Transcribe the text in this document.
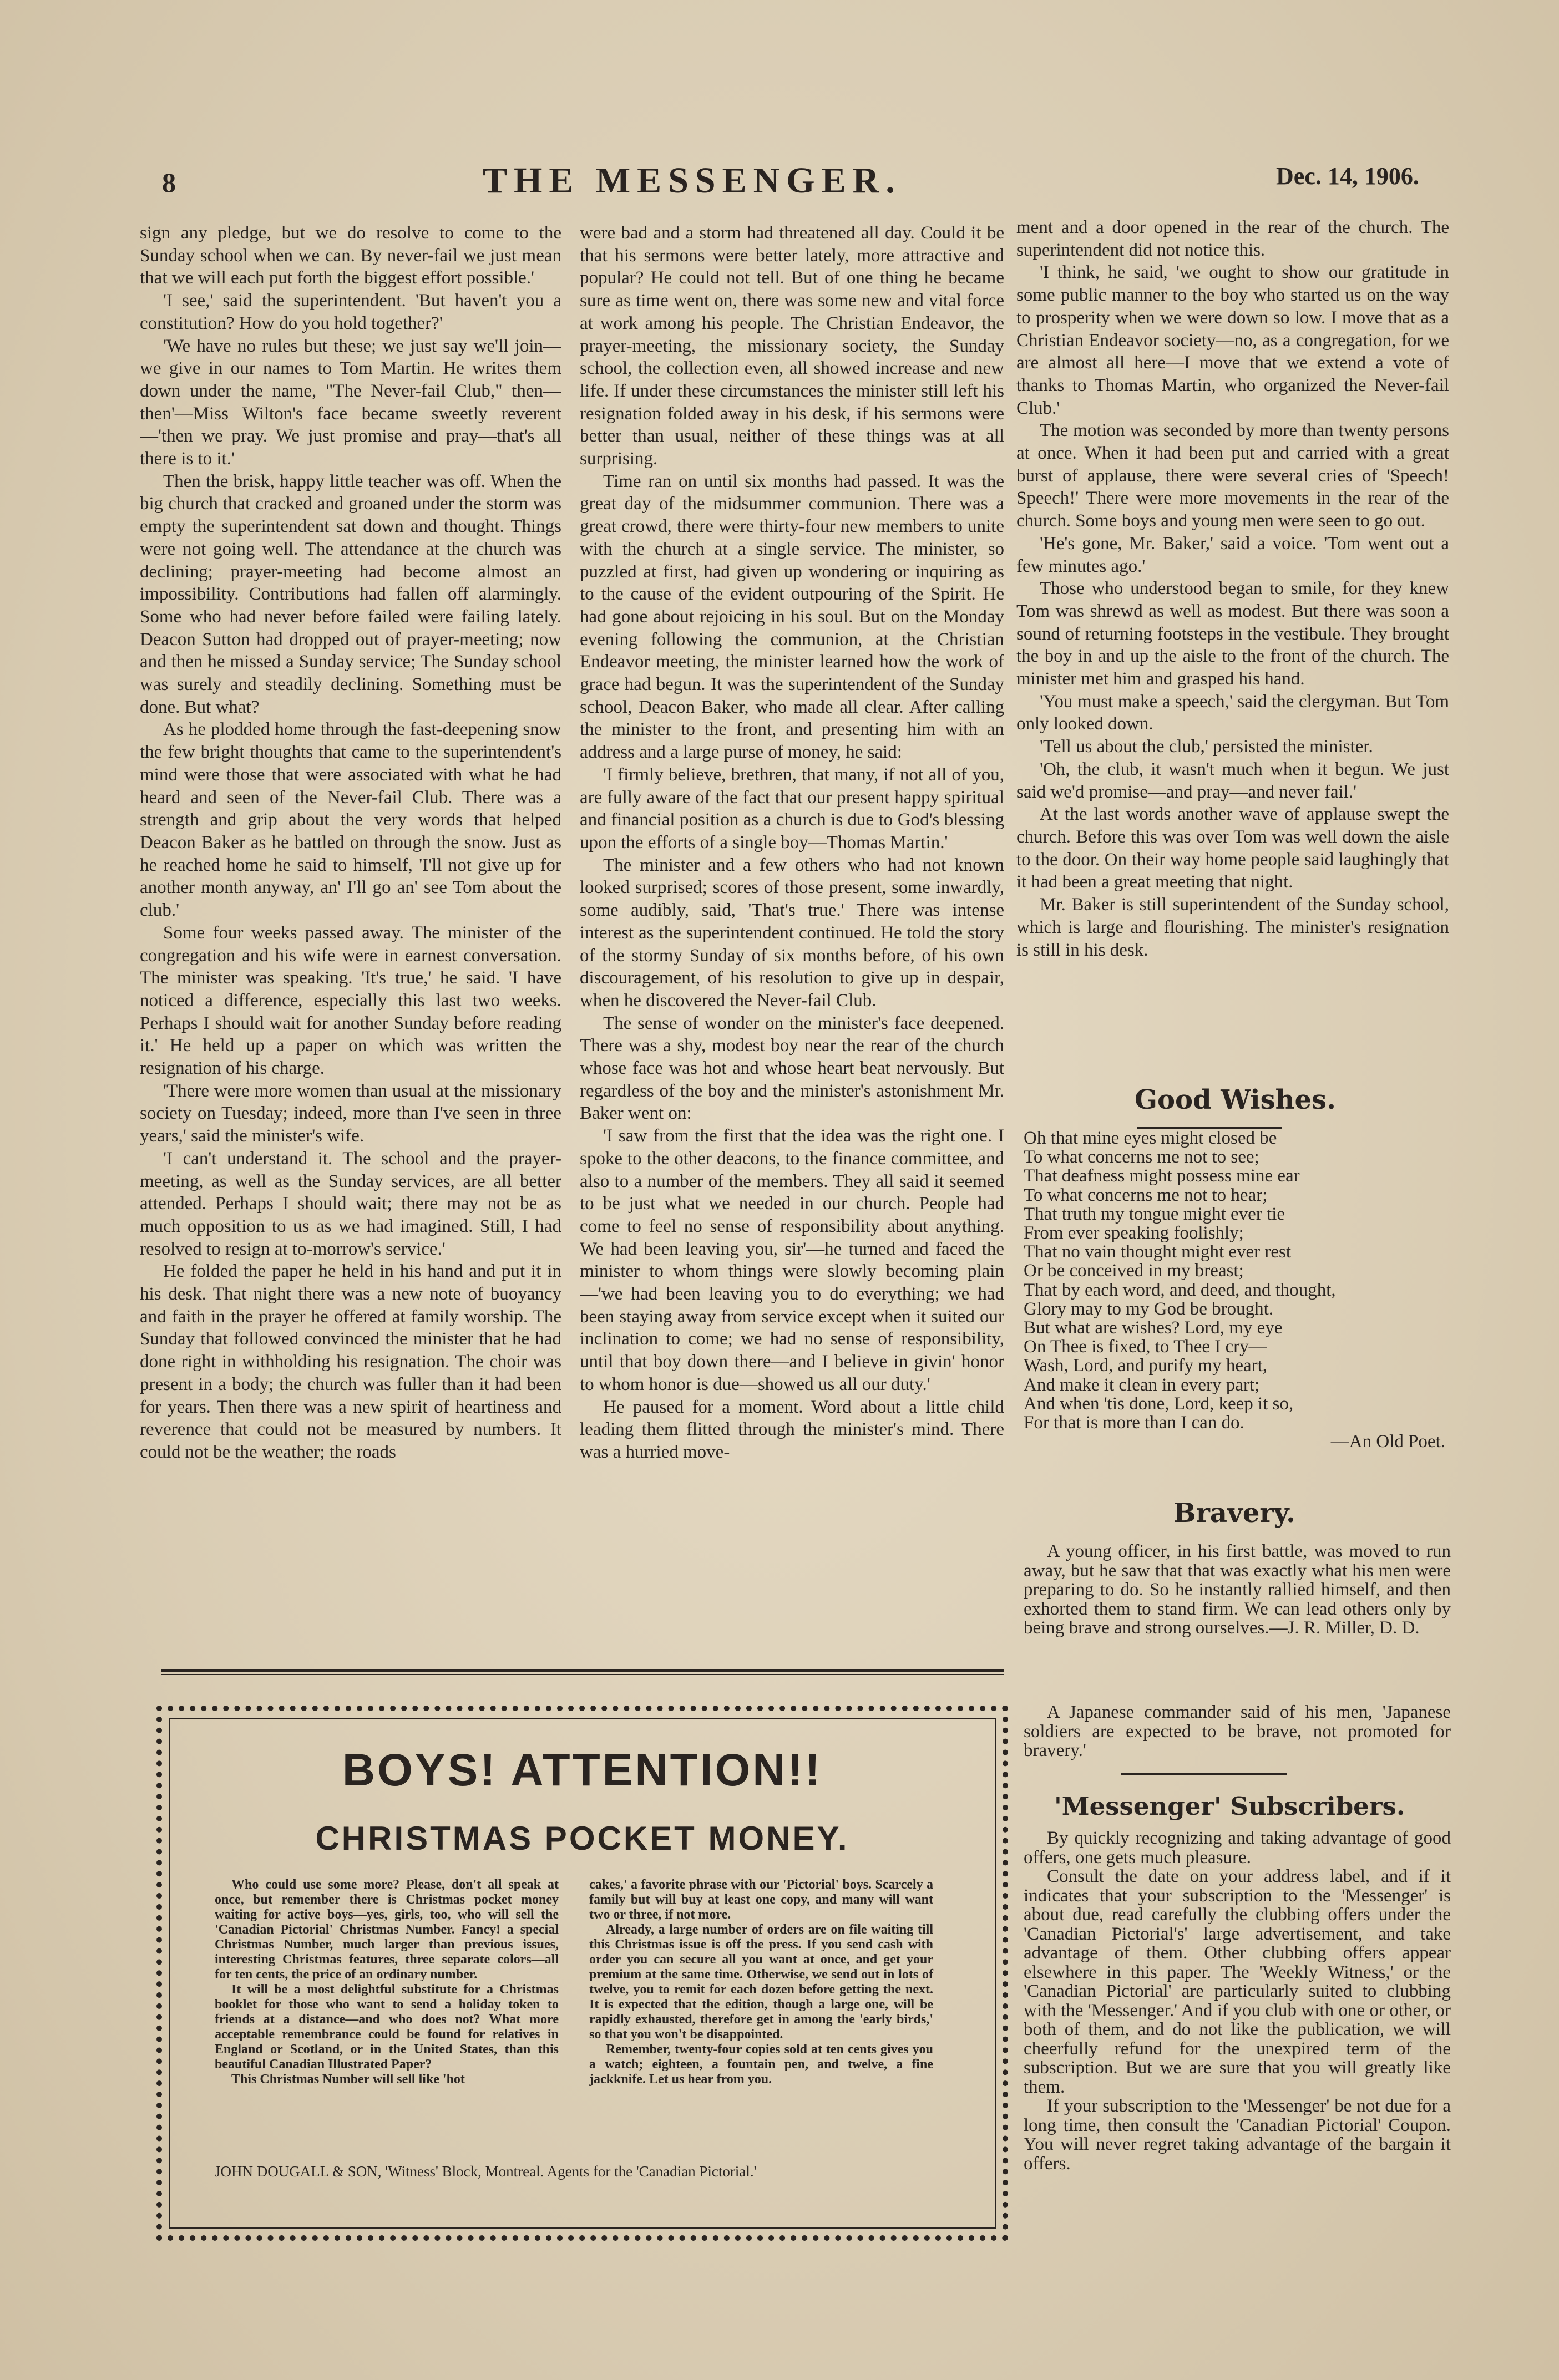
8	THE MESSENGER.	Dec. 14, 1906.

sign any pledge, but we do resolve to come to the Sunday school when we can. By never-fail we just mean that we will each put forth the biggest effort possible.'

'I see,' said the superintendent. 'But haven't you a constitution? How do you hold together?'

'We have no rules but these; we just say we'll join—we give in our names to Tom Martin. He writes them down under the name, "The Never-fail Club," then—then'—Miss Wilton's face became sweetly reverent—'then we pray. We just promise and pray—that's all there is to it.'

Then the brisk, happy little teacher was off. When the big church that cracked and groaned under the storm was empty the superintendent sat down and thought. Things were not going well. The attendance at the church was declining; prayer-meeting had become almost an impossibility. Contributions had fallen off alarmingly. Some who had never before failed were failing lately. Deacon Sutton had dropped out of prayer-meeting; now and then he missed a Sunday service; The Sunday school was surely and steadily declining. Something must be done. But what?

As he plodded home through the fast-deepening snow the few bright thoughts that came to the superintendent's mind were those that were associated with what he had heard and seen of the Never-fail Club. There was a strength and grip about the very words that helped Deacon Baker as he battled on through the snow. Just as he reached home he said to himself, 'I'll not give up for another month anyway, an' I'll go an' see Tom about the club.'

Some four weeks passed away. The minister of the congregation and his wife were in earnest conversation. The minister was speaking. 'It's true,' he said. 'I have noticed a difference, especially this last two weeks. Perhaps I should wait for another Sunday before reading it.' He held up a paper on which was written the resignation of his charge.

'There were more women than usual at the missionary society on Tuesday; indeed, more than I've seen in three years,' said the minister's wife.

'I can't understand it. The school and the prayer-meeting, as well as the Sunday services, are all better attended. Perhaps I should wait; there may not be as much opposition to us as we had imagined. Still, I had resolved to resign at to-morrow's service.'

He folded the paper he held in his hand and put it in his desk. That night there was a new note of buoyancy and faith in the prayer he offered at family worship. The Sunday that followed convinced the minister that he had done right in withholding his resignation. The choir was present in a body; the church was fuller than it had been for years. Then there was a new spirit of heartiness and reverence that could not be measured by numbers. It could not be the weather; the roads

were bad and a storm had threatened all day. Could it be that his sermons were better lately, more attractive and popular? He could not tell. But of one thing he became sure as time went on, there was some new and vital force at work among his people. The Christian Endeavor, the prayer-meeting, the missionary society, the Sunday school, the collection even, all showed increase and new life. If under these circumstances the minister still left his resignation folded away in his desk, if his sermons were better than usual, neither of these things was at all surprising.

Time ran on until six months had passed. It was the great day of the midsummer communion. There was a great crowd, there were thirty-four new members to unite with the church at a single service. The minister, so puzzled at first, had given up wondering or inquiring as to the cause of the evident outpouring of the Spirit. He had gone about rejoicing in his soul. But on the Monday evening following the communion, at the Christian Endeavor meeting, the minister learned how the work of grace had begun. It was the superintendent of the Sunday school, Deacon Baker, who made all clear. After calling the minister to the front, and presenting him with an address and a large purse of money, he said:

'I firmly believe, brethren, that many, if not all of you, are fully aware of the fact that our present happy spiritual and financial position as a church is due to God's blessing upon the efforts of a single boy—Thomas Martin.'

The minister and a few others who had not known looked surprised; scores of those present, some inwardly, some audibly, said, 'That's true.' There was intense interest as the superintendent continued. He told the story of the stormy Sunday of six months before, of his own discouragement, of his resolution to give up in despair, when he discovered the Never-fail Club.

The sense of wonder on the minister's face deepened. There was a shy, modest boy near the rear of the church whose face was hot and whose heart beat nervously. But regardless of the boy and the minister's astonishment Mr. Baker went on:

'I saw from the first that the idea was the right one. I spoke to the other deacons, to the finance committee, and also to a number of the members. They all said it seemed to be just what we needed in our church. People had come to feel no sense of responsibility about anything. We had been leaving you, sir'—he turned and faced the minister to whom things were slowly becoming plain—'we had been leaving you to do everything; we had been staying away from service except when it suited our inclination to come; we had no sense of responsibility, until that boy down there—and I believe in givin' honor to whom honor is due—showed us all our duty.'

He paused for a moment. Word about a little child leading them flitted through the minister's mind. There was a hurried move-

ment and a door opened in the rear of the church. The superintendent did not notice this.

'I think, he said, 'we ought to show our gratitude in some public manner to the boy who started us on the way to prosperity when we were down so low. I move that as a Christian Endeavor society—no, as a congregation, for we are almost all here—I move that we extend a vote of thanks to Thomas Martin, who organized the Never-fail Club.'

The motion was seconded by more than twenty persons at once. When it had been put and carried with a great burst of applause, there were several cries of 'Speech! Speech!' There were more movements in the rear of the church. Some boys and young men were seen to go out.

'He's gone, Mr. Baker,' said a voice. 'Tom went out a few minutes ago.'

Those who understood began to smile, for they knew Tom was shrewd as well as modest. But there was soon a sound of returning footsteps in the vestibule. They brought the boy in and up the aisle to the front of the church. The minister met him and grasped his hand.

'You must make a speech,' said the clergyman. But Tom only looked down.

'Tell us about the club,' persisted the minister.

'Oh, the club, it wasn't much when it begun. We just said we'd promise—and pray—and never fail.'

At the last words another wave of applause swept the church. Before this was over Tom was well down the aisle to the door. On their way home people said laughingly that it had been a great meeting that night.

Mr. Baker is still superintendent of the Sunday school, which is large and flourishing. The minister's resignation is still in his desk.

Good Wishes.
Oh that mine eyes might closed be
To what concerns me not to see;
That deafness might possess mine ear
To what concerns me not to hear;
That truth my tongue might ever tie
From ever speaking foolishly;
That no vain thought might ever rest
Or be conceived in my breast;
That by each word, and deed, and thought,
Glory may to my God be brought.
But what are wishes? Lord, my eye
On Thee is fixed, to Thee I cry—
Wash, Lord, and purify my heart,
And make it clean in every part;
And when 'tis done, Lord, keep it so,
For that is more than I can do.
—An Old Poet.
Bravery.

A young officer, in his first battle, was moved to run away, but he saw that that was exactly what his men were preparing to do. So he instantly rallied himself, and then exhorted them to stand firm. We can lead others only by being brave and strong ourselves.—J. R. Miller, D. D.

A Japanese commander said of his men, 'Japanese soldiers are expected to be brave, not promoted for bravery.'

'Messenger' Subscribers.

By quickly recognizing and taking advantage of good offers, one gets much pleasure.

Consult the date on your address label, and if it indicates that your subscription to the 'Messenger' is about due, read carefully the clubbing offers under the 'Canadian Pictorial's' large advertisement, and take advantage of them. Other clubbing offers appear elsewhere in this paper. The 'Weekly Witness,' or the 'Canadian Pictorial' are particularly suited to clubbing with the 'Messenger.' And if you club with one or other, or both of them, and do not like the publication, we will cheerfully refund for the unexpired term of the subscription. But we are sure that you will greatly like them.

If your subscription to the 'Messenger' be not due for a long time, then consult the 'Canadian Pictorial' Coupon. You will never regret taking advantage of the bargain it offers.

BOYS! ATTENTION!!
CHRISTMAS POCKET MONEY.

Who could use some more? Please, don't all speak at once, but remember there is Christmas pocket money waiting for active boys—yes, girls, too, who will sell the 'Canadian Pictorial' Christmas Number. Fancy! a special Christmas Number, much larger than previous issues, interesting Christmas features, three separate colors—all for ten cents, the price of an ordinary number.

It will be a most delightful substitute for a Christmas booklet for those who want to send a holiday token to friends at a distance—and who does not? What more acceptable remembrance could be found for relatives in England or Scotland, or in the United States, than this beautiful Canadian Illustrated Paper?

This Christmas Number will sell like 'hot

cakes,' a favorite phrase with our 'Pictorial' boys. Scarcely a family but will buy at least one copy, and many will want two or three, if not more.

Already, a large number of orders are on file waiting till this Christmas issue is off the press. If you send cash with order you can secure all you want at once, and get your premium at the same time. Otherwise, we send out in lots of twelve, you to remit for each dozen before getting the next. It is expected that the edition, though a large one, will be rapidly exhausted, therefore get in among the 'early birds,' so that you won't be disappointed.

Remember, twenty-four copies sold at ten cents gives you a watch; eighteen, a fountain pen, and twelve, a fine jackknife. Let us hear from you.

JOHN DOUGALL & SON, 'Witness' Block, Montreal. Agents for the 'Canadian Pictorial.'
